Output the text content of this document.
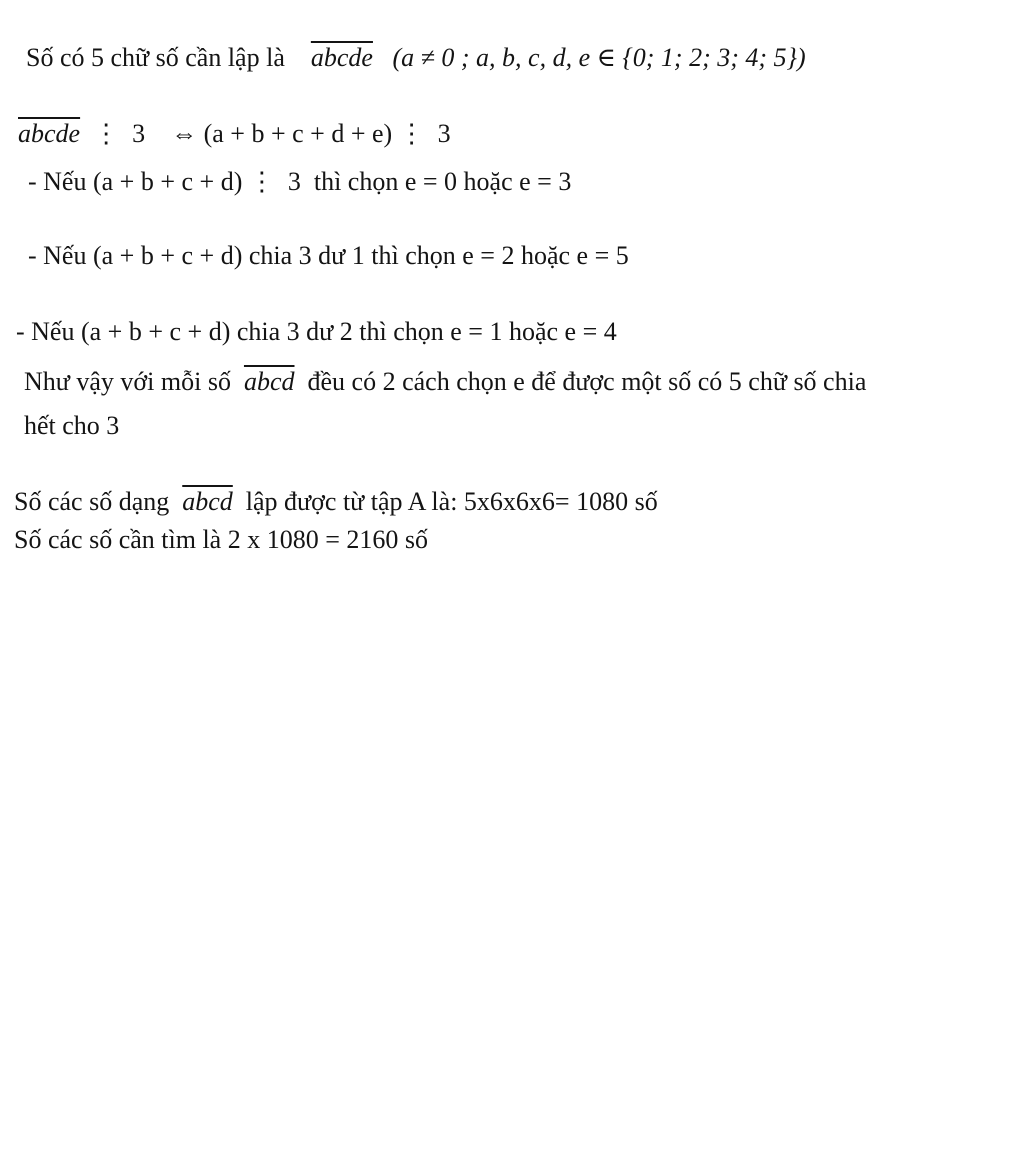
Số có 5 chữ số cần lập là abcde (a ≠ 0 ; a, b, c, d, e ∈ {0; 1; 2; 3; 4; 5})
abcde  ⋮  3    ⇔ (a + b + c + d + e) ⋮  3
- Nếu (a + b + c + d) ⋮  3  thì chọn e = 0 hoặc e = 3
- Nếu (a + b + c + d) chia 3 dư 1 thì chọn e = 2 hoặc e = 5
- Nếu (a + b + c + d) chia 3 dư 2 thì chọn e = 1 hoặc e = 4
Như vậy với mỗi số abcd đều có 2 cách chọn e để được một số có 5 chữ số chia
hết cho 3
Số các số dạng abcd lập được từ tập A là: 5x6x6x6= 1080 số
Số các số cần tìm là 2 x 1080 = 2160 số
